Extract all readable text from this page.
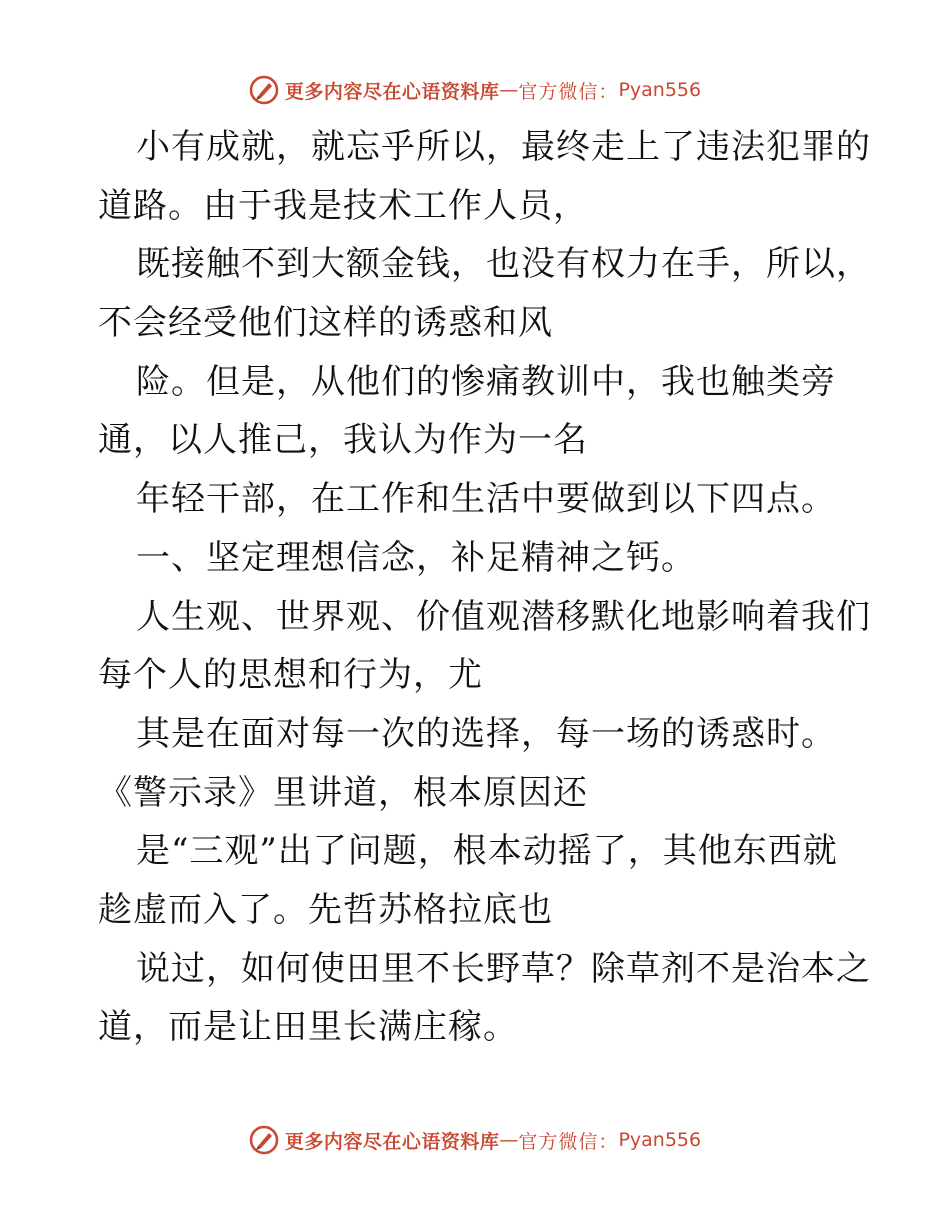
更多内容尽在心语资料库 — 官方微信： Pyan556
小有成就，就忘乎所以，最终走上了违法犯罪的
道路。由于我是技术工作人员，
既接触不到大额金钱，也没有权力在手，所以，
不会经受他们这样的诱惑和风
险。但是，从他们的惨痛教训中，我也触类旁
通，以人推己，我认为作为一名
年轻干部，在工作和生活中要做到以下四点。
一、坚定理想信念，补足精神之钙。
人生观、世界观、价值观潜移默化地影响着我们
每个人的思想和行为，尤
其是在面对每一次的选择，每一场的诱惑时。
《警示录》里讲道，根本原因还
是“三观”出了问题，根本动摇了，其他东西就
趁虚而入了。先哲苏格拉底也
说过，如何使田里不长野草？除草剂不是治本之
道，而是让田里长满庄稼。
更多内容尽在心语资料库 — 官方微信： Pyan556
